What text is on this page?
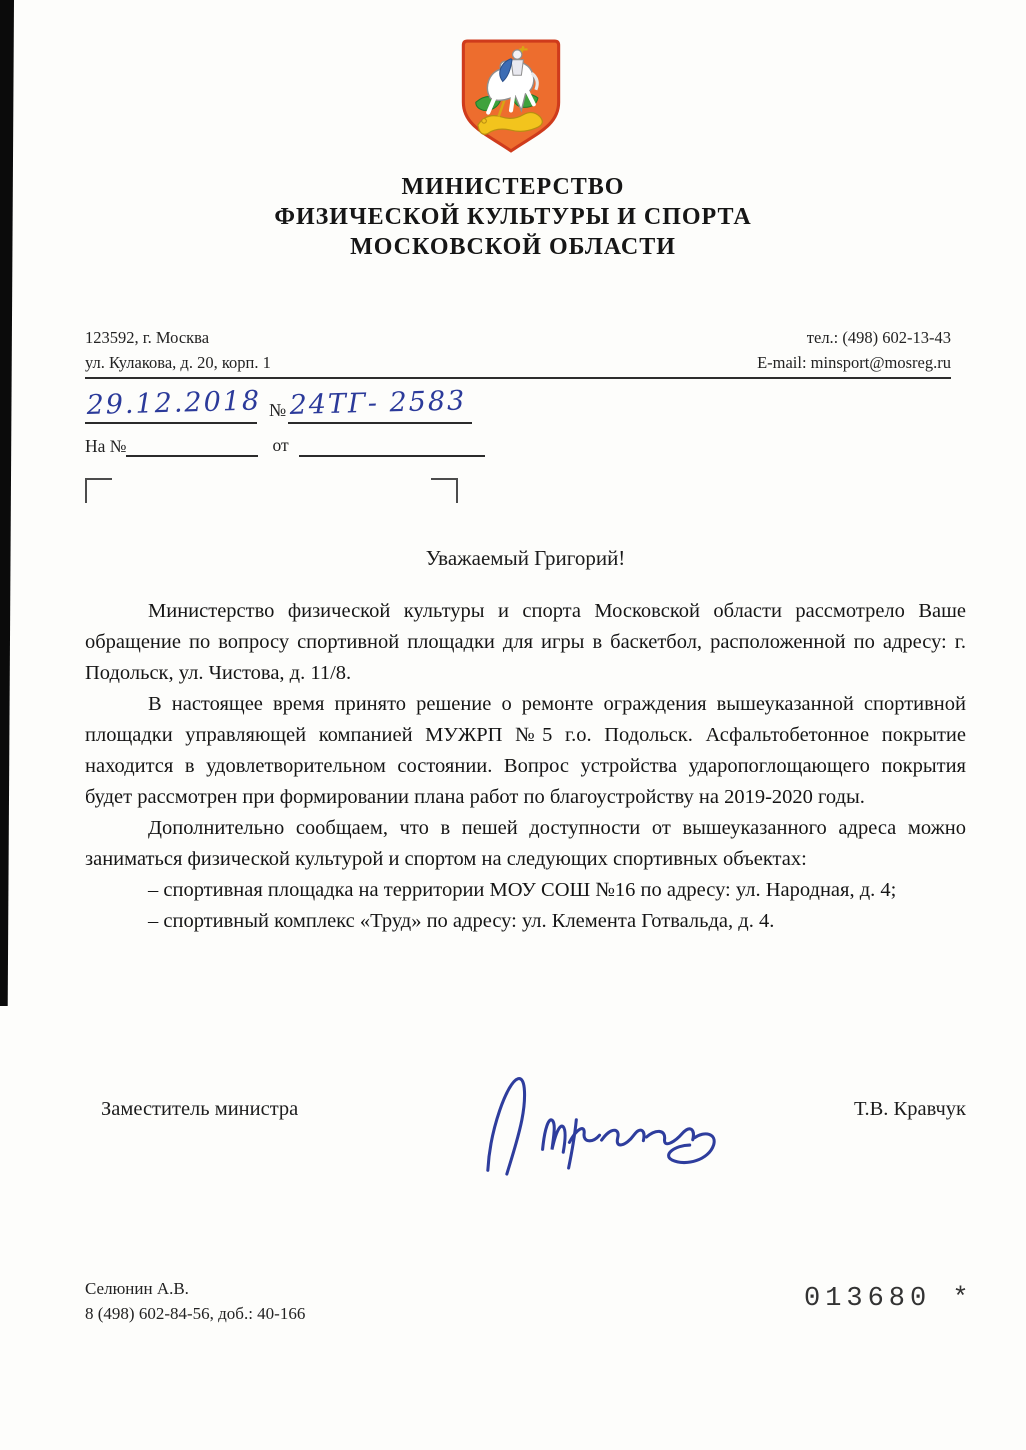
МИНИСТЕРСТВО
ФИЗИЧЕСКОЙ КУЛЬТУРЫ И СПОРТА
МОСКОВСКОЙ ОБЛАСТИ
123592, г. Москва
ул. Кулакова, д. 20, корп. 1
тел.: (498) 602-13-43
E-mail: minsport@mosreg.ru
29.12.2018 № 24ТГ- 2583
На №	от
Уважаемый Григорий!

Министерство физической культуры и спорта Московской области рассмотрело Ваше обращение по вопросу спортивной площадки для игры в баскетбол, расположенной по адресу: г. Подольск, ул. Чистова, д. 11/8.

В настоящее время принято решение о ремонте ограждения вышеуказанной спортивной площадки управляющей компанией МУЖРП №5 г.о. Подольск. Асфальтобетонное покрытие находится в удовлетворительном состоянии. Вопрос устройства ударопоглощающего покрытия будет рассмотрен при формировании плана работ по благоустройству на 2019-2020 годы.

Дополнительно сообщаем, что в пешей доступности от вышеуказанного адреса можно заниматься физической культурой и спортом на следующих спортивных объектах:

– спортивная площадка на территории МОУ СОШ №16 по адресу: ул. Народная, д. 4;

– спортивный комплекс «Труд» по адресу: ул. Клемента Готвальда, д. 4.

Заместитель министра	Т.В. Кравчук
Селюнин А.В.
8 (498) 602-84-56, доб.: 40-166	013680 *
